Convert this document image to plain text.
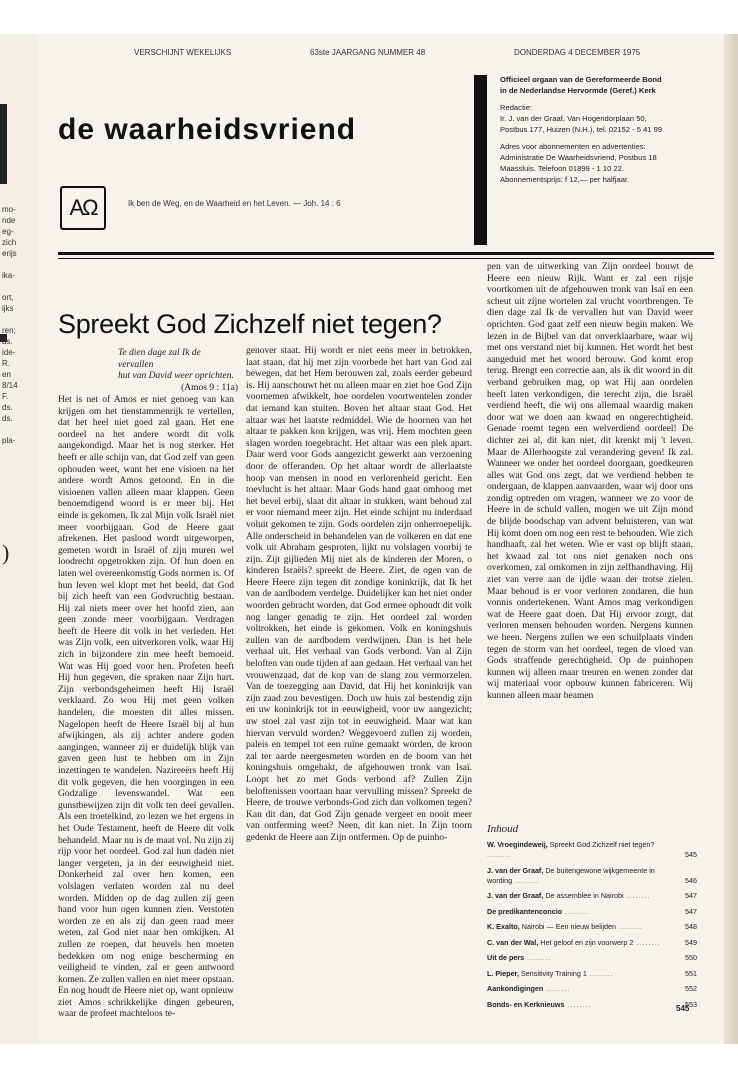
mo-
nde
eg-
zich
erijs

ika-

ort,
ijks

ren;
ds.
ide-
R.
en
8/14
F.
ds.
ds.

pla-
)
VERSCHIJNT WEKELIJKS	63ste JAARGANG NUMMER 48	DONDERDAG 4 DECEMBER 1975
de waarheidsvriend

Officieel orgaan van de Gereformeerde Bond
in de Nederlandse Hervormde (Geref.) Kerk

Redactie:
Ir. J. van der Graaf, Van Hogendorplaan 50,
Postbus 177, Huizen (N.H.), tel. 02152 - 5 41 99

Adres voor abonnementen en advertenties:
Administratie De Waarheidsvriend, Postbus 18
Maassluis. Telefoon 01899 - 1 10 22.
Abonnementsprijs: f 12,— per halfjaar.

AΩ	Ik ben de Weg, en de Waarheid en het Leven. — Joh. 14 : 6
Spreekt God Zichzelf niet tegen?
Te dien dage zal Ik de vervallen
hut van David weer oprichten.
(Amos 9 : 11a)

Het is net of Amos er niet genoeg van kan krijgen om het tienstammenrijk te vertellen, dat het heel niet goed zal gaan. Het ene oordeel na het andere wordt dit volk aangekondigd. Maar het is nog sterker. Het heeft er alle schijn van, dat God zelf van geen ophouden weet, want het ene visioen na het andere wordt Amos getoond. En in die visioenen vallen alleen maar klappen. Geen benoemdigend woord is er meer bij. Het einde is gekomen, Ik zal Mijn volk Israël niet meer voorbijgaan. God de Heere gaat afrekenen. Het paslood wordt uitgeworpen, gemeten wordt in Israël of zijn muren wel loodrecht opgetrokken zijn. Of hun doen en laten wel overeenkomstig Gods normen is. Of hun leven wel klopt met het beeld, dat God bij zich heeft van een Godvruchtig bestaan. Hij zal niets meer over het hoofd zien, aan geen zonde meer voorbijgaan. Verdragen heeft de Heere dit volk in het verleden. Het was Zijn volk, een uitverkoren volk, waar Hij zich in bijzondere zin mee heeft bemoeid. Wat was Hij goed voor hen. Profeten heeft Hij hun gegeven, die spraken naar Zijn hart. Zijn verbondsgeheimen heeft Hij Israël verklaard. Zo wou Hij met geen volken handelen, die moesten dit alles missen. Nagelopen heeft de Heere Israël bij al hun afwijkingen, als zij achter andere goden aangingen, wanneer zij er duidelijk blijk van gaven geen lust te hebben om in Zijn inzettingen te wandelen. Nazireeërs heeft Hij dit volk gegeven, die hen voorgingen in een Godzalige levenswandel. Wat een gunstbewijzen zijn dit volk ten deel gevallen. Als een troetelkind, zo lezen we het ergens in het Oude Testament, heeft de Heere dit volk behandeld. Maar nu is de maat vol. Nu zijn zij rijp voor het oordeel. God zal hun daden niet langer vergeten, ja in der eeuwigheid niet. Donkerheid zal over hen komen, een volslagen verlaten worden zal nu deel worden. Midden op de dag zullen zij geen hand voor hun ogen kunnen zien. Verstoten worden ze en als zij dan geen raad meer weten, zal God niet naar hen omkijken. Al zullen ze roepen, dat heuvels hen moeten bedekken om nog enige bescherming en veiligheid te vinden, zal er geen antwoord komen. Ze zullen vallen en niet meer opstaan. En nog houdt de Heere niet op, want opnieuw ziet Amos schrikkelijke dingen gebeuren, waar de profeet machteloos te-

genover staat. Hij wordt er niet eens meer in betrokken, laat staan, dat hij met zijn voorbede het hart van God zal bewegen, dat het Hem berouwen zal, zoals eerder gebeurd is. Hij aanschouwt het nu alleen maar en ziet hoe God Zijn voornemen afwikkelt, hoe oordelen voortwentelen zonder dat iemand kan stuiten. Boven het altaar staat God. Het altaar was het laatste redmiddel. Wie de hoornen van het altaar te pakken kon krijgen, was vrij. Hem mochten geen slagen worden toegebracht. Het altaar was een plek apart. Daar werd voor Gods aangezicht gewerkt aan verzoening door de offeranden. Op het altaar wordt de allerlaatste hoop van mensen in nood en verlorenheid gericht. Een toevlucht is het altaar. Maar Gods hand gaat omhoog met het bevel erbij, slaat dit altaar in stukken, want behoud zal er voor niemand meer zijn. Het einde schijnt nu inderdaad voluit gekomen te zijn. Gods oordelen zijn onherroepelijk. Alle onderscheid in behandelen van de volkeren en dat ene volk uit Abraham gesproten, lijkt nu volslagen voorbij te zijn. Zijt gijlieden Mij niet als de kinderen der Moren, o kinderen Israëls? spreekt de Heere. Ziet, de ogen van de Heere Heere zijn tegen dit zondige koninkrijk, dat Ik het van de aardbodem verdelge. Duidelijker kan het niet onder woorden gebracht worden, dat God ermee ophoudt dit volk nog langer genadig te zijn. Het oordeel zal worden voltrokken, het einde is gekomen. Volk en koningshuis zullen van de aardbodem verdwijnen. Dan is het hele verhaal uit. Het verhaal van Gods verbond. Van al Zijn beloften van oude tijden af aan gedaan. Het verhaal van het vrouwenzaad, dat de kop van de slang zou vermorzelen. Van de toezegging aan David, dat Hij het koninkrijk van zijn zaad zou bevestigen. Doch uw huis zal bestendig zijn en uw koninkrijk tot in eeuwigheid, voor uw aangezicht; uw stoel zal vast zijn tot in eeuwigheid. Maar wat kan hiervan vervuld worden? Weggevoerd zullen zij worden, paleis en tempel tot een ruïne gemaakt worden, de kroon zal ter aarde neergesmeten worden en de boom van het koningshuis omgehakt, de afgehouwen tronk van Isaï. Loopt het zo met Gods verbond af? Zullen Zijn beloftenissen voortaan haar vervulling missen? Spreekt de Heere, de trouwe verbonds-God zich dan volkomen tegen? Kan dit dan, dat God Zijn genade vergeet en nooit meer van ontferming weet? Neen, dit kan niet. In Zijn toorn gedenkt de Heere aan Zijn ontfermen. Op de puinho-

pen van de uitwerking van Zijn oordeel bouwt de Heere een nieuw Rijk. Want er zal een rijsje voortkomen uit de afgehouwen tronk van Isaï en een scheut uit zijne wortelen zal vrucht voortbrengen. Te dien dage zal Ik de vervallen hut van David weer oprichten. God gaat zelf een nieuw begin maken. We lezen in de Bijbel van dat onverklaarbare, waar wij met ons verstand niet bij kunnen. Het wordt het best aangeduid met het woord berouw. God komt erop terug. Brengt een correctie aan, als ik dit woord in dit verband gebruiken mag, op wat Hij aan oordelen heeft laten verkondigen, die terecht zijn, die Israël verdiend heeft, die wij ons allemaal waardig maken door wat we doen aan kwaad en ongerechtigheid. Genade roemt tegen een welverdiend oordeel! De dichter zei al, dit kan niet, dit krenkt mij 't leven. Maar de Allerhoogste zal verandering geven! Ik zal. Wanneer we onder het oordeel doorgaan, goedkeuren alles wat God ons zegt, dat we verdiend hebben te ondergaan, de klappen aanvaarden, waar wij door ons zondig optreden om vragen, wanneer we zo voor de Heere in de schuld vallen, mogen we uit Zijn mond de blijde boodschap van advent beluisteren, van wat Hij komt doen om nog een rest te behouden. Wie zich handhaaft, zal het weten. Wie er vast op blijft staan, het kwaad zal tot ons niet genaken noch ons overkomen, zal omkomen in zijn zelfhandhaving. Hij ziet van verre aan de ijdle waan der trotse zielen. Maar behoud is er voor verloren zondaren, die hun vonnis ondertekenen. Want Amos mag verkondigen wat de Heere gaat doen. Dat Hij ervoor zorgt, dat verloren mensen behouden worden. Nergens kunnen we heen. Nergens zullen we een schuilplaats vinden tegen de storm van het oordeel, tegen de vloed van Gods straffende gerechtigheid. Op de puinhopen kunnen wij alleen maar treuren en wenen zonder dat wij materiaal voor opbouw kunnen fabriceren. Wij kunnen alleen maar beamen

Inhoud
W. Vroegindeweij, Spreekt God Zichzelf niet tegen? ........	545
J. van der Graaf, De buitengewone wijkgemeente in wording ........	546
J. van der Graaf, De assemblee in Nairobi ........	547
De predikantenconcio ........	547
K. Exalto, Nairobi — Een nieuw belijden ........	548
C. van der Wal, Het geloof en zijn voorwerp 2 ........	549
Uit de pers ........	550
L. Pieper, Sensitivity Training 1 ........	551
Aankondigingen ........	552
Bonds- en Kerknieuws ........	553
545
